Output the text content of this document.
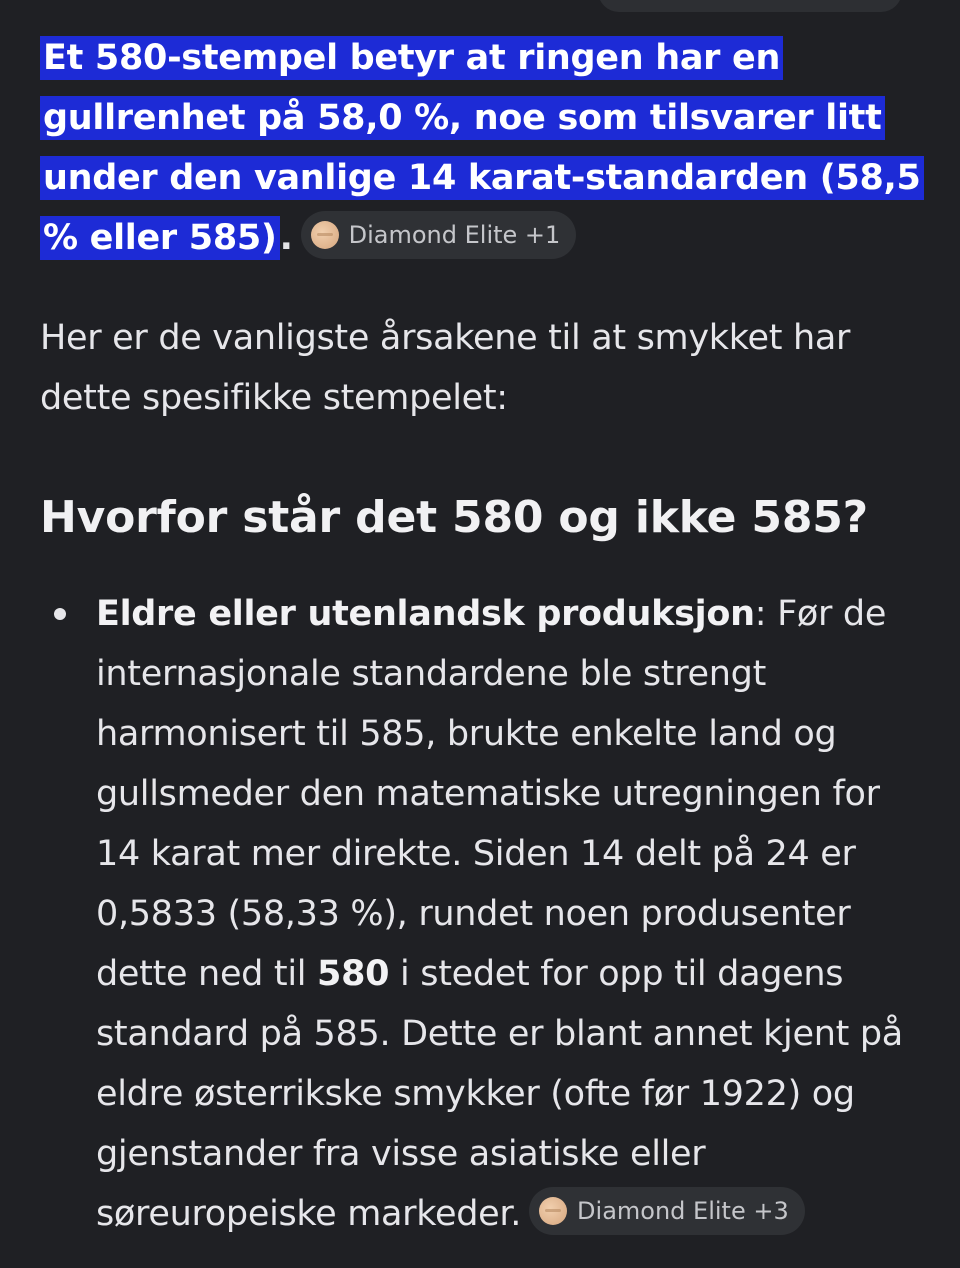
Et 580-stempel betyr at ringen har en gullrenhet på 58,0 %, noe som tilsvarer litt under den vanlige 14 karat-standarden (58,5 % eller 585). Diamond Elite +1

Her er de vanligste årsakene til at smykket har dette spesifikke stempelet:

Hvorfor står det 580 og ikke 585?
Eldre eller utenlandsk produksjon: Før de internasjonale standardene ble strengt harmonisert til 585, brukte enkelte land og gullsmeder den matematiske utregningen for 14 karat mer direkte. Siden 14 delt på 24 er 0,5833 (58,33 %), rundet noen produsenter dette ned til 580 i stedet for opp til dagens standard på 585. Dette er blant annet kjent på eldre østerrikske smykker (ofte før 1922) og gjenstander fra visse asiatiske eller søreuropeiske markeder. Diamond Elite +3
